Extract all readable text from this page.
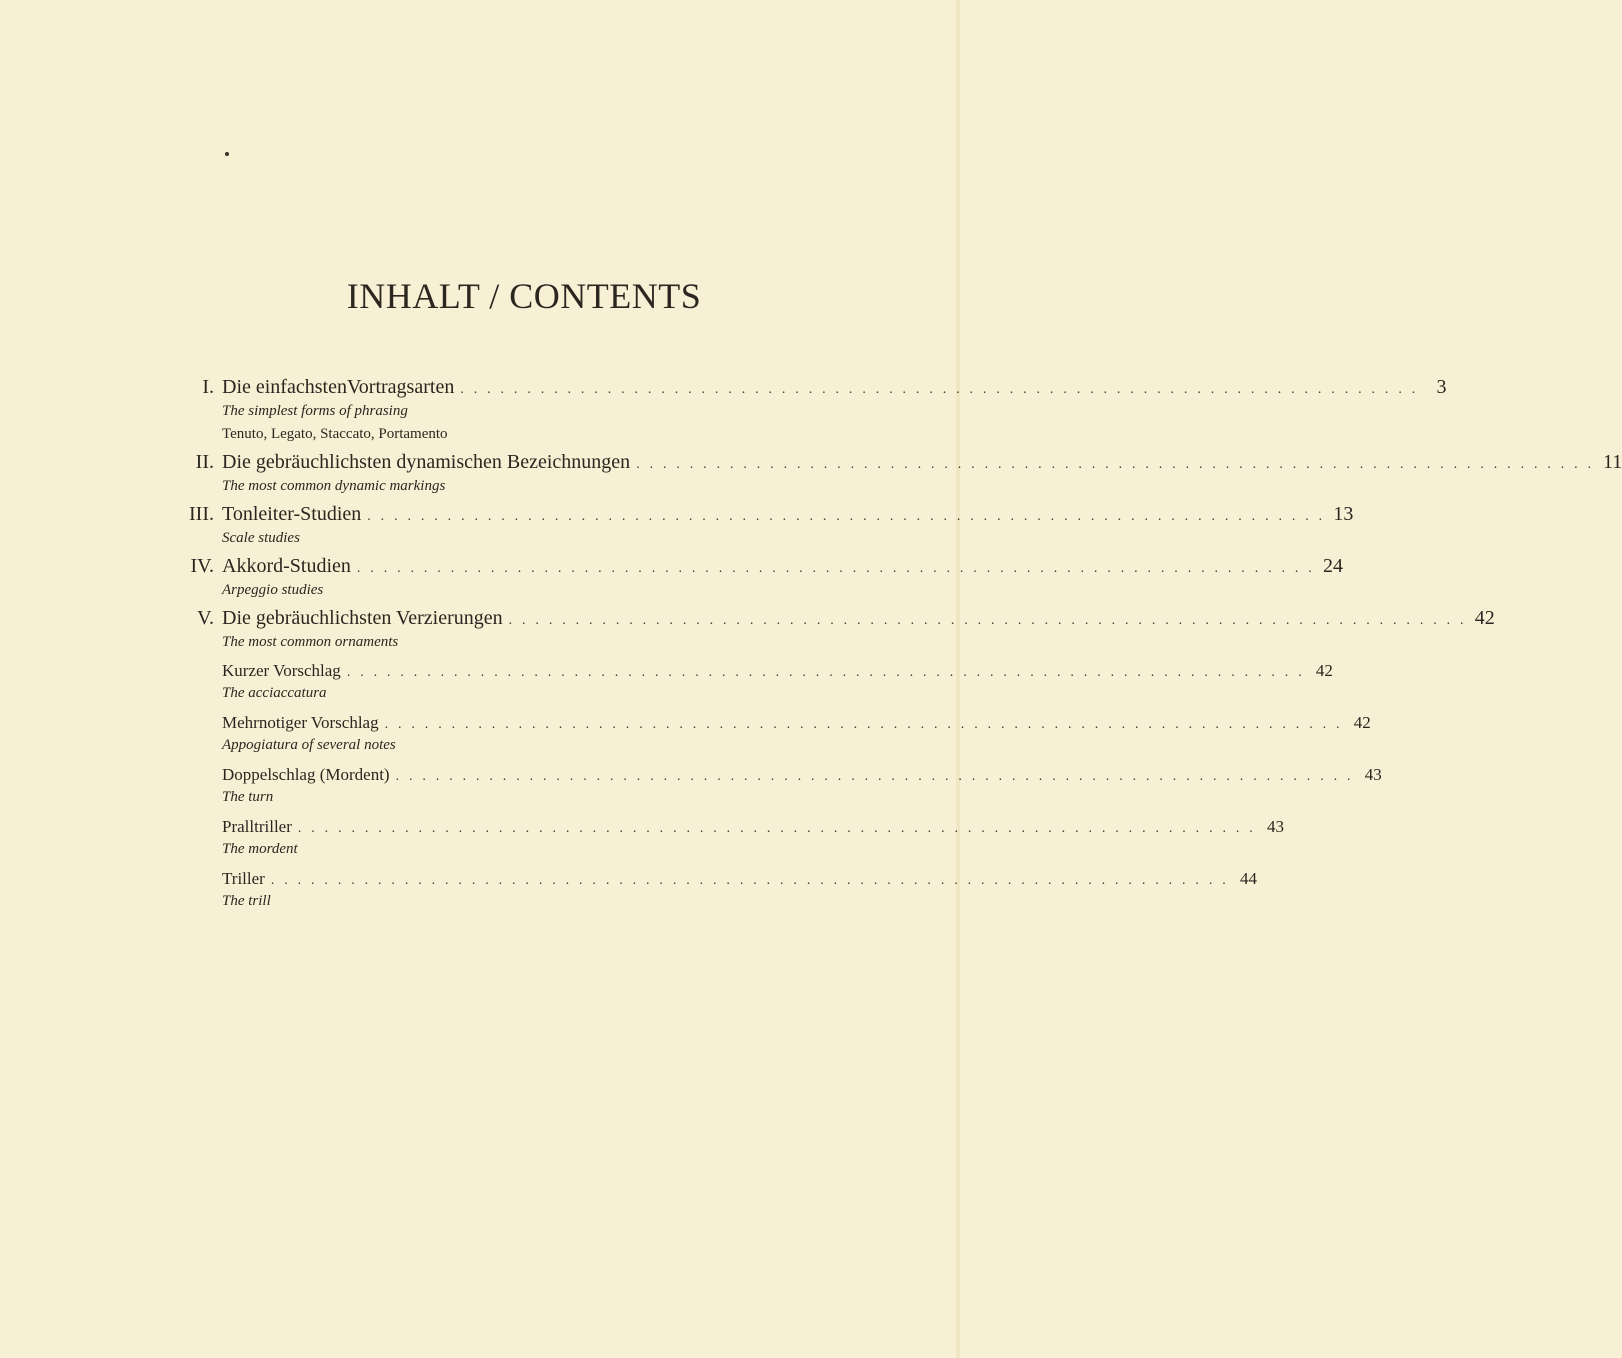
INHALT / CONTENTS
I. Die einfachstenVortragsarten . . . . . . . . . . . . . . . . . . . . . . . . . . . . . . . . . . . . . . . . . . . . . . . . . . . . . . . . . . . . . . . . . . . . . . . . 3
The simplest forms of phrasing
Tenuto, Legato, Staccato, Portamento
II. Die gebräuchlichsten dynamischen Bezeichnungen . . . . . . . . . . . . . . . . . . . . . . . . . . . . . . . . . . . . . . . . . . . . . . . . . . . . . . . . . . . . . . . . . . . . . . . . 11
The most common dynamic markings
III. Tonleiter-Studien . . . . . . . . . . . . . . . . . . . . . . . . . . . . . . . . . . . . . . . . . . . . . . . . . . . . . . . . . . . . . . . . . . . . . . . . 13
Scale studies
IV. Akkord-Studien . . . . . . . . . . . . . . . . . . . . . . . . . . . . . . . . . . . . . . . . . . . . . . . . . . . . . . . . . . . . . . . . . . . . . . . . 24
Arpeggio studies
V. Die gebräuchlichsten Verzierungen . . . . . . . . . . . . . . . . . . . . . . . . . . . . . . . . . . . . . . . . . . . . . . . . . . . . . . . . . . . . . . . . . . . . . . . . 42
The most common ornaments
Kurzer Vorschlag . . . . . . . . . . . . . . . . . . . . . . . . . . . . . . . . . . . . . . . . . . . . . . . . . . . . . . . . . . . . . . . . . . . . . . . . 42
The acciaccatura
Mehrnotiger Vorschlag . . . . . . . . . . . . . . . . . . . . . . . . . . . . . . . . . . . . . . . . . . . . . . . . . . . . . . . . . . . . . . . . . . . . . . . . 42
Appogiatura of several notes
Doppelschlag (Mordent) . . . . . . . . . . . . . . . . . . . . . . . . . . . . . . . . . . . . . . . . . . . . . . . . . . . . . . . . . . . . . . . . . . . . . . . . 43
The turn
Pralltriller . . . . . . . . . . . . . . . . . . . . . . . . . . . . . . . . . . . . . . . . . . . . . . . . . . . . . . . . . . . . . . . . . . . . . . . . 43
The mordent
Triller . . . . . . . . . . . . . . . . . . . . . . . . . . . . . . . . . . . . . . . . . . . . . . . . . . . . . . . . . . . . . . . . . . . . . . . . 44
The trill
